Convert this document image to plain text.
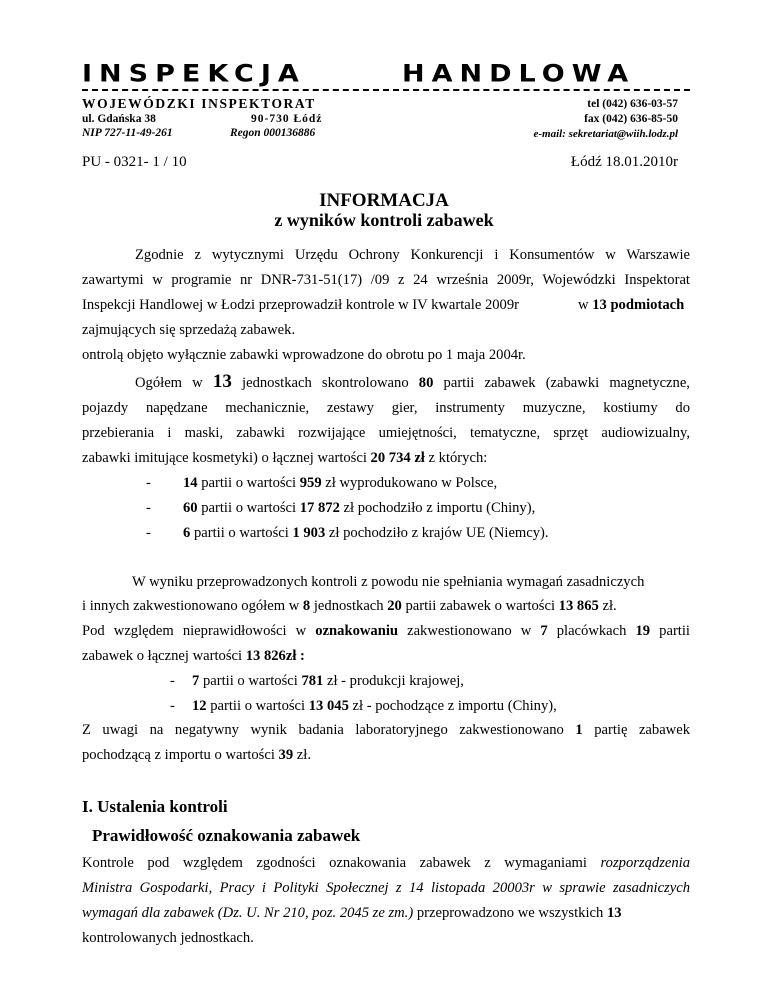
INSPEKCJA	HANDLOWA
WOJEWÓDZKI INSPEKTORAT
ul. Gdańska 38	90-730 Łódź
NIP 727-11-49-261	Regon 000136886
tel (042) 636-03-57
fax (042) 636-85-50
e-mail: sekretariat@wiih.lodz.pl
PU - 0321- 1 / 10	Łódź 18.01.2010r
INFORMACJA
z wyników kontroli zabawek
Zgodnie z wytycznymi Urzędu Ochrony Konkurencji i Konsumentów w Warszawie
zawartymi w programie nr DNR-731-51(17) /09 z 24 września 2009r, Wojewódzki Inspektorat
Inspekcji Handlowej w Łodzi przeprowadził kontrole w IV kwartale 2009r	w 13 podmiotach
zajmujących się sprzedażą zabawek.
ontrolą objęto wyłącznie zabawki wprowadzone do obrotu po 1 maja 2004r.
Ogółem w 13 jednostkach skontrolowano 80 partii zabawek (zabawki magnetyczne,
pojazdy napędzane mechanicznie, zestawy gier, instrumenty muzyczne, kostiumy do
przebierania i maski, zabawki rozwijające umiejętności, tematyczne, sprzęt audiowizualny,
zabawki imitujące kosmetyki) o łącznej wartości 20 734 zł z których:
- 14 partii o wartości 959 zł wyprodukowano w Polsce,
- 60 partii o wartości 17 872 zł pochodziło z importu (Chiny),
- 6 partii o wartości 1 903 zł pochodziło z krajów UE (Niemcy).
W wyniku przeprowadzonych kontroli z powodu nie spełniania wymagań zasadniczych
i innych zakwestionowano ogółem w 8 jednostkach 20 partii zabawek o wartości 13 865 zł.
Pod względem nieprawidłowości w oznakowaniu zakwestionowano w 7 placówkach 19 partii
zabawek o łącznej wartości 13 826zł :
- 7 partii o wartości 781 zł - produkcji krajowej,
- 12 partii o wartości 13 045 zł - pochodzące z importu (Chiny),
Z uwagi na negatywny wynik badania laboratoryjnego zakwestionowano 1 partię zabawek
pochodzącą z importu o wartości 39 zł.
I. Ustalenia kontroli
Prawidłowość oznakowania zabawek
Kontrole pod względem zgodności oznakowania zabawek z wymaganiami rozporządzenia
Ministra Gospodarki, Pracy i Polityki Społecznej z 14 listopada 20003r w sprawie zasadniczych
wymagań dla zabawek (Dz. U. Nr 210, poz. 2045 ze zm.) przeprowadzono we wszystkich 13
kontrolowanych jednostkach.
